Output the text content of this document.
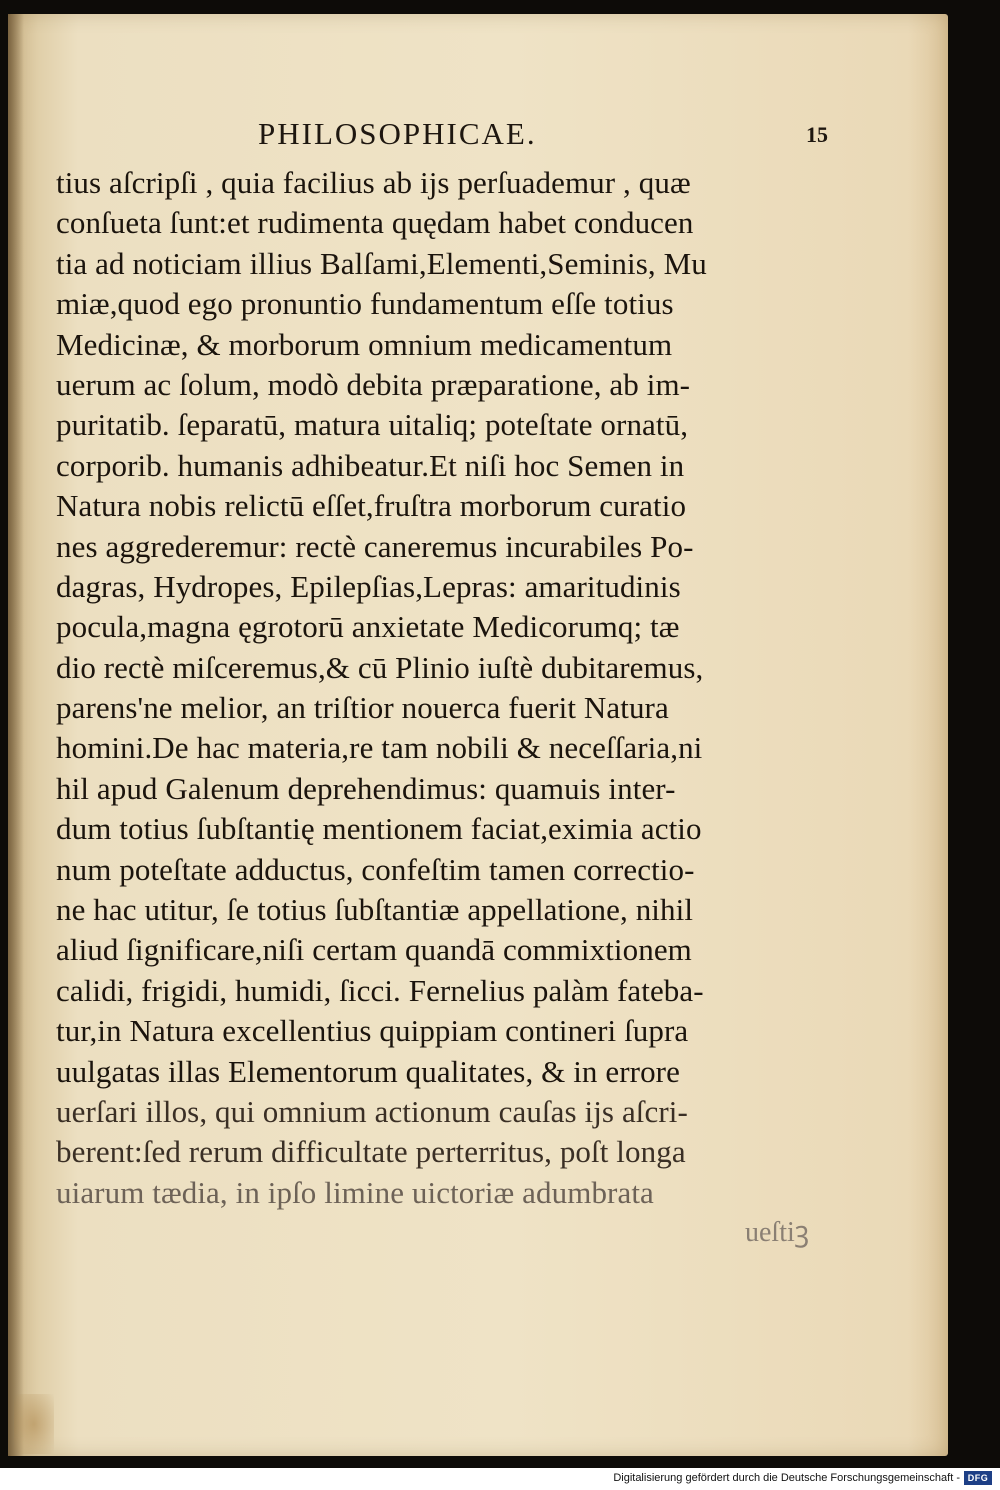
PHILOSOPHICAE.	15
tius aſcripſi , quia facilius ab ijs perſuademur , quæ
conſueta ſunt:et rudimenta quędam habet conducen
tia ad noticiam illius Balſami,Elementi,Seminis, Mu
miæ,quod ego pronuntio fundamentum eſſe totius
Medicinæ, & morborum omnium medicamentum
uerum ac ſolum, modò debita præparatione, ab im-
puritatib. ſeparatū, matura uitaliq; poteſtate ornatū,
corporib. humanis adhibeatur.Et niſi hoc Semen in
Natura nobis relictū eſſet,fruſtra morborum curatio
nes aggrederemur: rectè caneremus incurabiles Po-
dagras, Hydropes, Epilepſias,Lepras: amaritudinis
pocula,magna ęgrotorū anxietate Medicorumq; tæ
dio rectè miſceremus,& cū Plinio iuſtè dubitaremus,
parens'ne melior, an triſtior nouerca fuerit Natura
homini.De hac materia,re tam nobili & neceſſaria,ni
hil apud Galenum deprehendimus: quamuis inter-
dum totius ſubſtantię mentionem faciat,eximia actio
num poteſtate adductus, confeſtim tamen correctio-
ne hac utitur, ſe totius ſubſtantiæ appellatione, nihil
aliud ſignificare,niſi certam quandā commixtionem
calidi, frigidi, humidi, ſicci. Fernelius palàm fateba-
tur,in Natura excellentius quippiam contineri ſupra
uulgatas illas Elementorum qualitates, & in errore
uerſari illos, qui omnium actionum cauſas ijs aſcri-
berent:ſed rerum difficultate perterritus, poſt longa
uiarum tædia, in ipſo limine uictoriæ adumbrata
ueſtiꝫ
Digitalisierung gefördert durch die Deutsche Forschungsgemeinschaft - DFG
